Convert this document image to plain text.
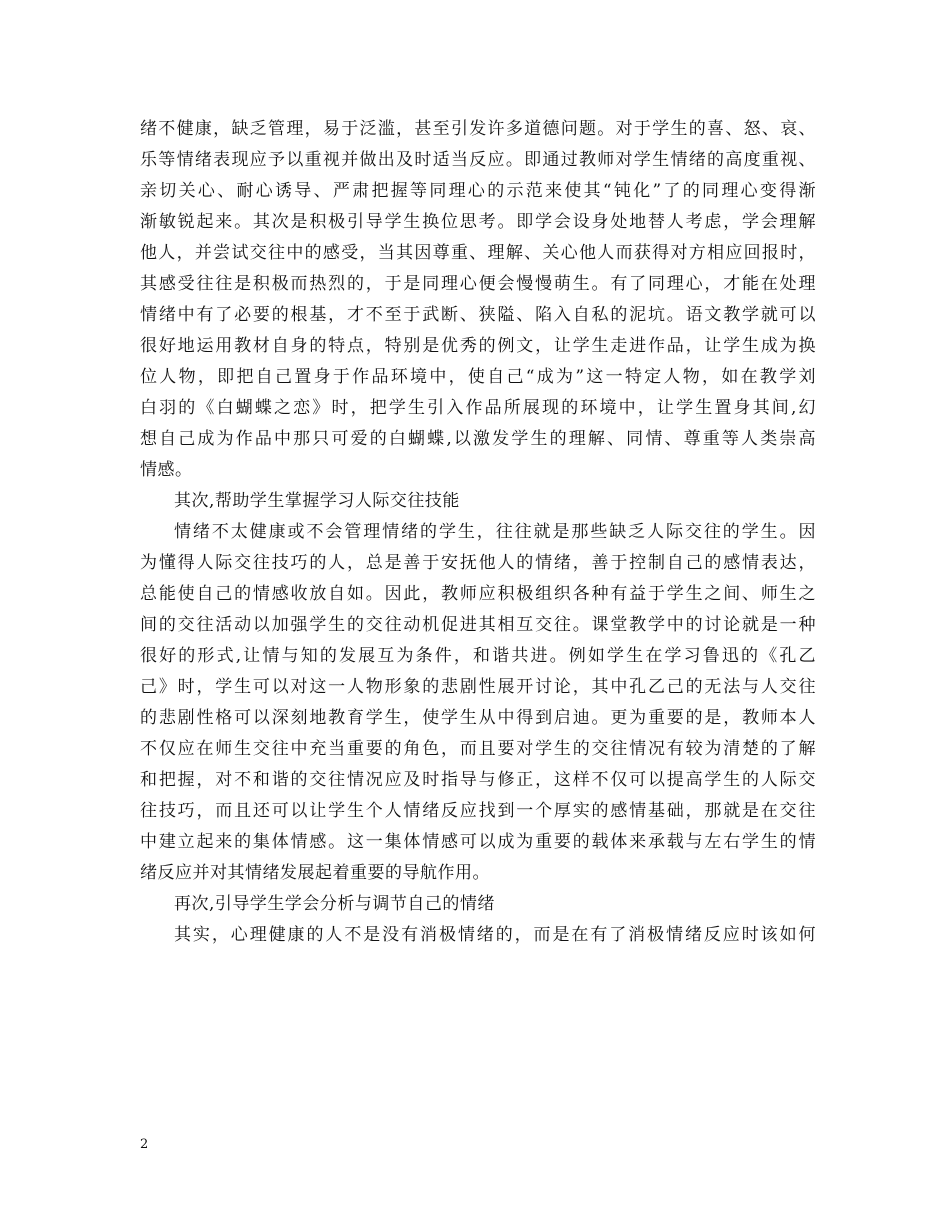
绪不健康，缺乏管理，易于泛滥，甚至引发许多道德问题。对于学生的喜、怒、哀、
乐等情绪表现应予以重视并做出及时适当反应。即通过教师对学生情绪的高度重视、
亲切关心、耐心诱导、严肃把握等同理心的示范来使其“钝化”了的同理心变得渐
渐敏锐起来。其次是积极引导学生换位思考。即学会设身处地替人考虑，学会理解
他人，并尝试交往中的感受，当其因尊重、理解、关心他人而获得对方相应回报时，
其感受往往是积极而热烈的，于是同理心便会慢慢萌生。有了同理心，才能在处理
情绪中有了必要的根基，才不至于武断、狭隘、陷入自私的泥坑。语文教学就可以
很好地运用教材自身的特点，特别是优秀的例文，让学生走进作品，让学生成为换
位人物，即把自己置身于作品环境中，使自己“成为”这一特定人物，如在教学刘
白羽的《白蝴蝶之恋》时，把学生引入作品所展现的环境中，让学生置身其间,幻
想自己成为作品中那只可爱的白蝴蝶,以激发学生的理解、同情、尊重等人类崇高
情感。
其次,帮助学生掌握学习人际交往技能
情绪不太健康或不会管理情绪的学生，往往就是那些缺乏人际交往的学生。因
为懂得人际交往技巧的人，总是善于安抚他人的情绪，善于控制自己的感情表达，
总能使自己的情感收放自如。因此，教师应积极组织各种有益于学生之间、师生之
间的交往活动以加强学生的交往动机促进其相互交往。课堂教学中的讨论就是一种
很好的形式,让情与知的发展互为条件，和谐共进。例如学生在学习鲁迅的《孔乙
己》时，学生可以对这一人物形象的悲剧性展开讨论，其中孔乙己的无法与人交往
的悲剧性格可以深刻地教育学生，使学生从中得到启迪。更为重要的是，教师本人
不仅应在师生交往中充当重要的角色，而且要对学生的交往情况有较为清楚的了解
和把握，对不和谐的交往情况应及时指导与修正，这样不仅可以提高学生的人际交
往技巧，而且还可以让学生个人情绪反应找到一个厚实的感情基础，那就是在交往
中建立起来的集体情感。这一集体情感可以成为重要的载体来承载与左右学生的情
绪反应并对其情绪发展起着重要的导航作用。
再次,引导学生学会分析与调节自己的情绪
其实，心理健康的人不是没有消极情绪的，而是在有了消极情绪反应时该如何
2
